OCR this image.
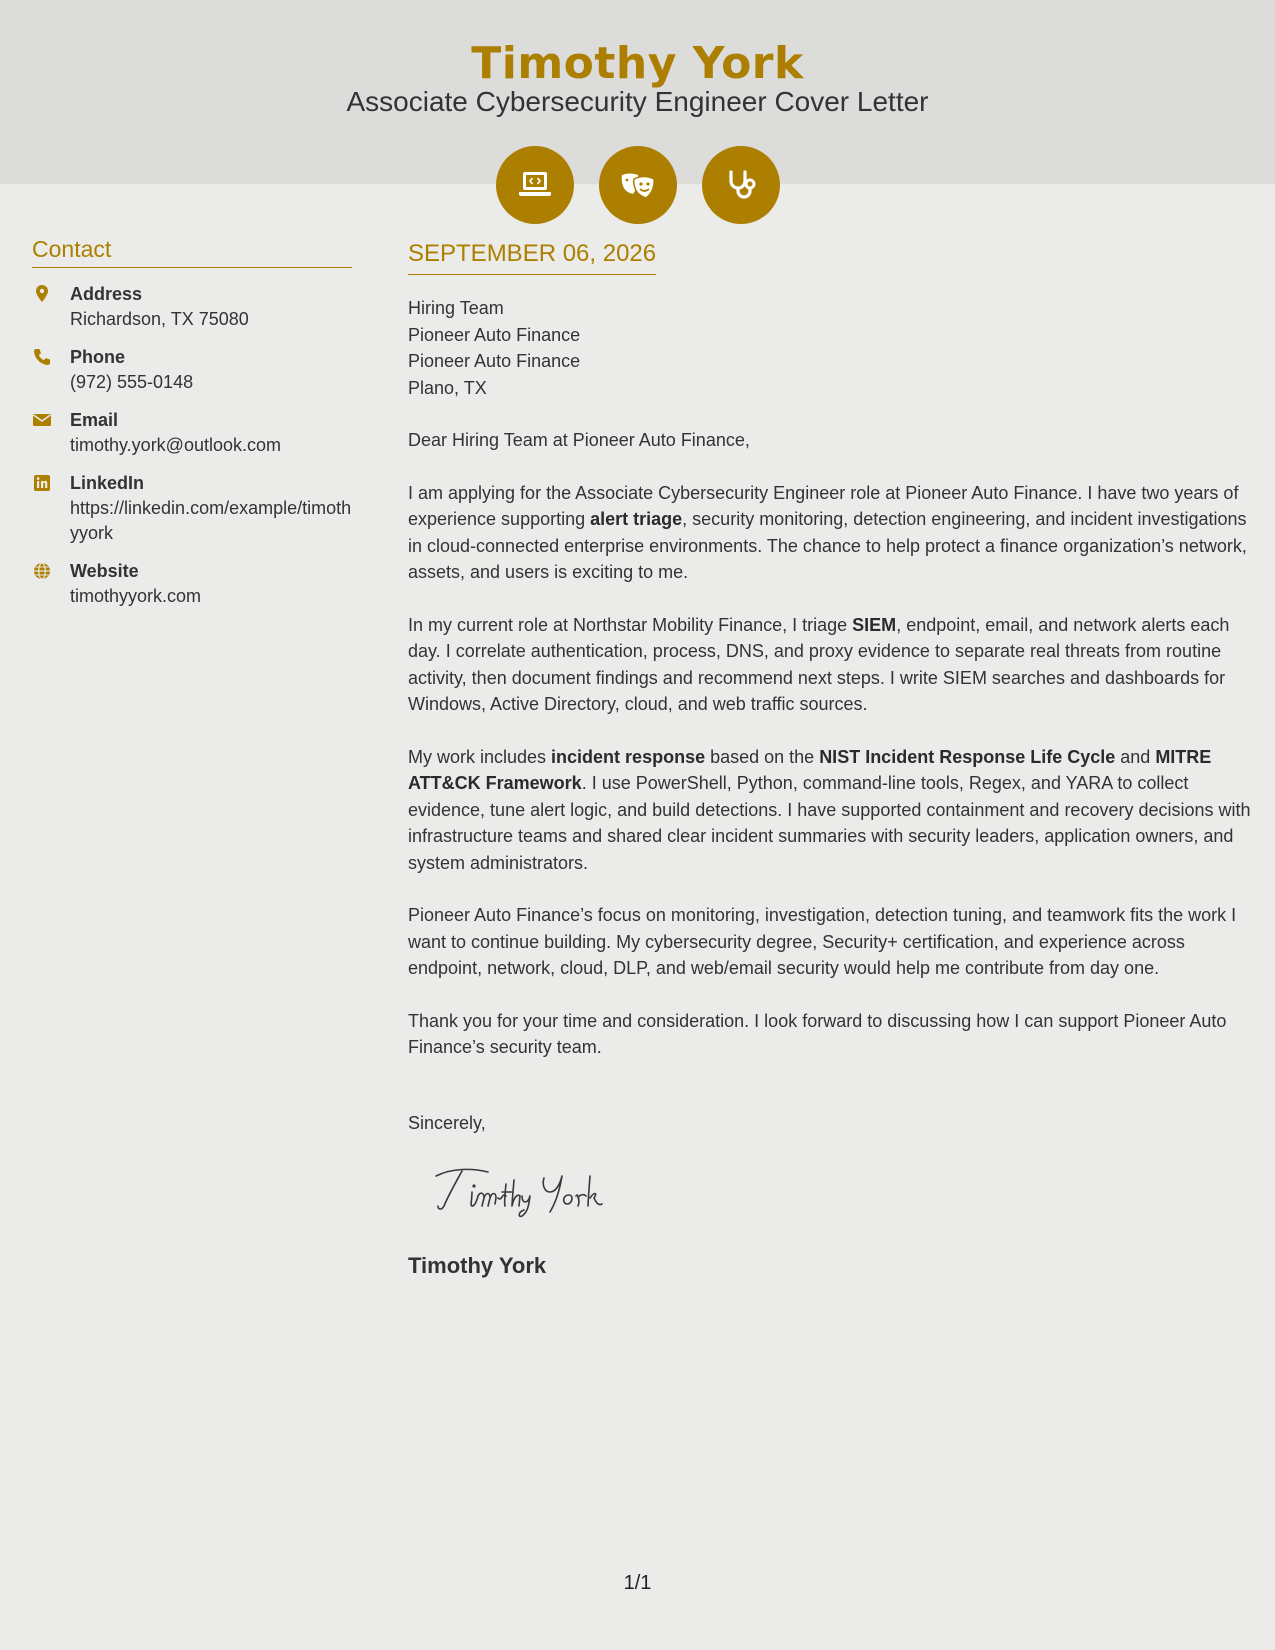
Timothy York
Associate Cybersecurity Engineer Cover Letter
Contact
Address
Richardson, TX 75080
Phone
(972) 555-0148
Email
timothy.york@outlook.com
LinkedIn
https://linkedin.com/example/timothyyork
Website
timothyyork.com
SEPTEMBER 06, 2026
Hiring Team
Pioneer Auto Finance
Pioneer Auto Finance
Plano, TX
Dear Hiring Team at Pioneer Auto Finance,
I am applying for the Associate Cybersecurity Engineer role at Pioneer Auto Finance. I have two years of experience supporting alert triage, security monitoring, detection engineering, and incident investigations in cloud-connected enterprise environments. The chance to help protect a finance organization’s network, assets, and users is exciting to me.
In my current role at Northstar Mobility Finance, I triage SIEM, endpoint, email, and network alerts each day. I correlate authentication, process, DNS, and proxy evidence to separate real threats from routine activity, then document findings and recommend next steps. I write SIEM searches and dashboards for Windows, Active Directory, cloud, and web traffic sources.
My work includes incident response based on the NIST Incident Response Life Cycle and MITRE ATT&CK Framework. I use PowerShell, Python, command-line tools, Regex, and YARA to collect evidence, tune alert logic, and build detections. I have supported containment and recovery decisions with infrastructure teams and shared clear incident summaries with security leaders, application owners, and system administrators.
Pioneer Auto Finance’s focus on monitoring, investigation, detection tuning, and teamwork fits the work I want to continue building. My cybersecurity degree, Security+ certification, and experience across endpoint, network, cloud, DLP, and web/email security would help me contribute from day one.
Thank you for your time and consideration. I look forward to discussing how I can support Pioneer Auto Finance’s security team.
Sincerely,
Timothy York
1/1
